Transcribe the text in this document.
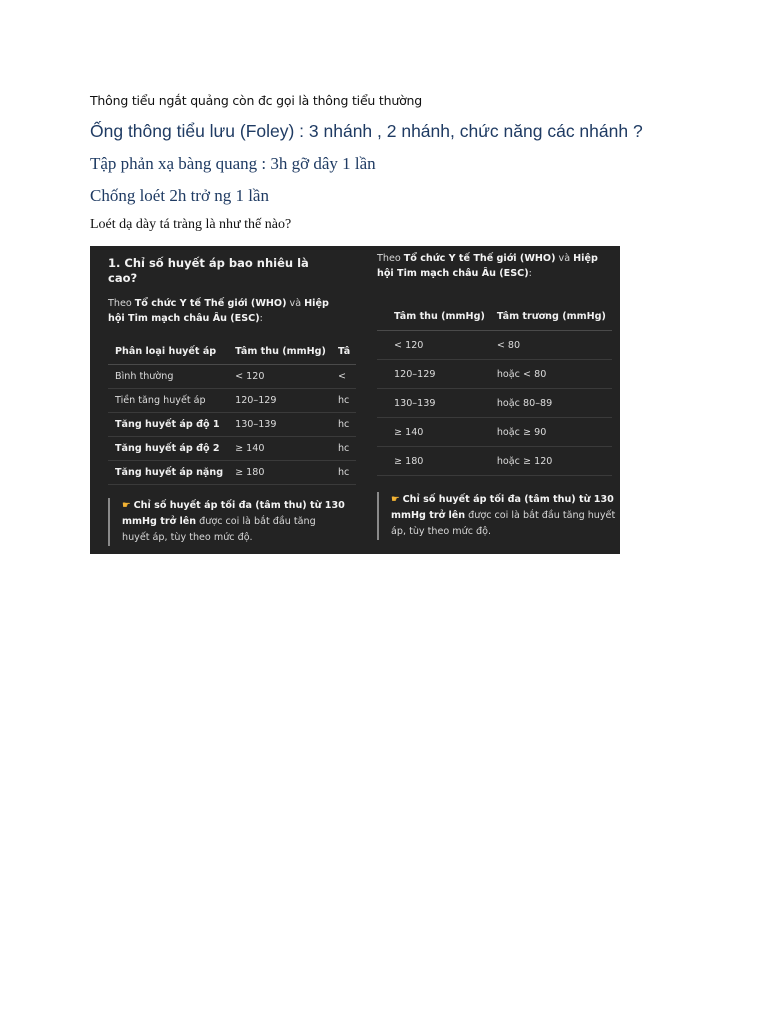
Thông tiểu ngắt quảng còn đc gọi là thông tiểu thường
Ống thông tiểu lưu (Foley) : 3 nhánh , 2 nhánh, chức năng các nhánh ?
Tập phản xạ bàng quang : 3h gỡ dây 1 lần
Chống loét 2h trở ng 1 lần
Loét dạ dày tá tràng là như thế nào?
1. Chỉ số huyết áp bao nhiêu là cao?
Theo Tổ chức Y tế Thế giới (WHO) và Hiệp hội Tim mạch châu Âu (ESC):
Phân loại huyết áp	Tâm thu (mmHg)	Tâ
Bình thường	< 120	<
Tiền tăng huyết áp	120–129	hc
Tăng huyết áp độ 1	130–139	hc
Tăng huyết áp độ 2	≥ 140	hc
Tăng huyết áp nặng	≥ 180	hc
☛ Chỉ số huyết áp tối đa (tâm thu) từ 130 mmHg trở lên được coi là bắt đầu tăng huyết áp, tùy theo mức độ.
Theo Tổ chức Y tế Thế giới (WHO) và Hiệp hội Tim mạch châu Âu (ESC):
Tâm thu (mmHg)	Tâm trương (mmHg)
< 120	< 80
120–129	hoặc < 80
130–139	hoặc 80–89
≥ 140	hoặc ≥ 90
≥ 180	hoặc ≥ 120
☛ Chỉ số huyết áp tối đa (tâm thu) từ 130 mmHg trở lên được coi là bắt đầu tăng huyết áp, tùy theo mức độ.
